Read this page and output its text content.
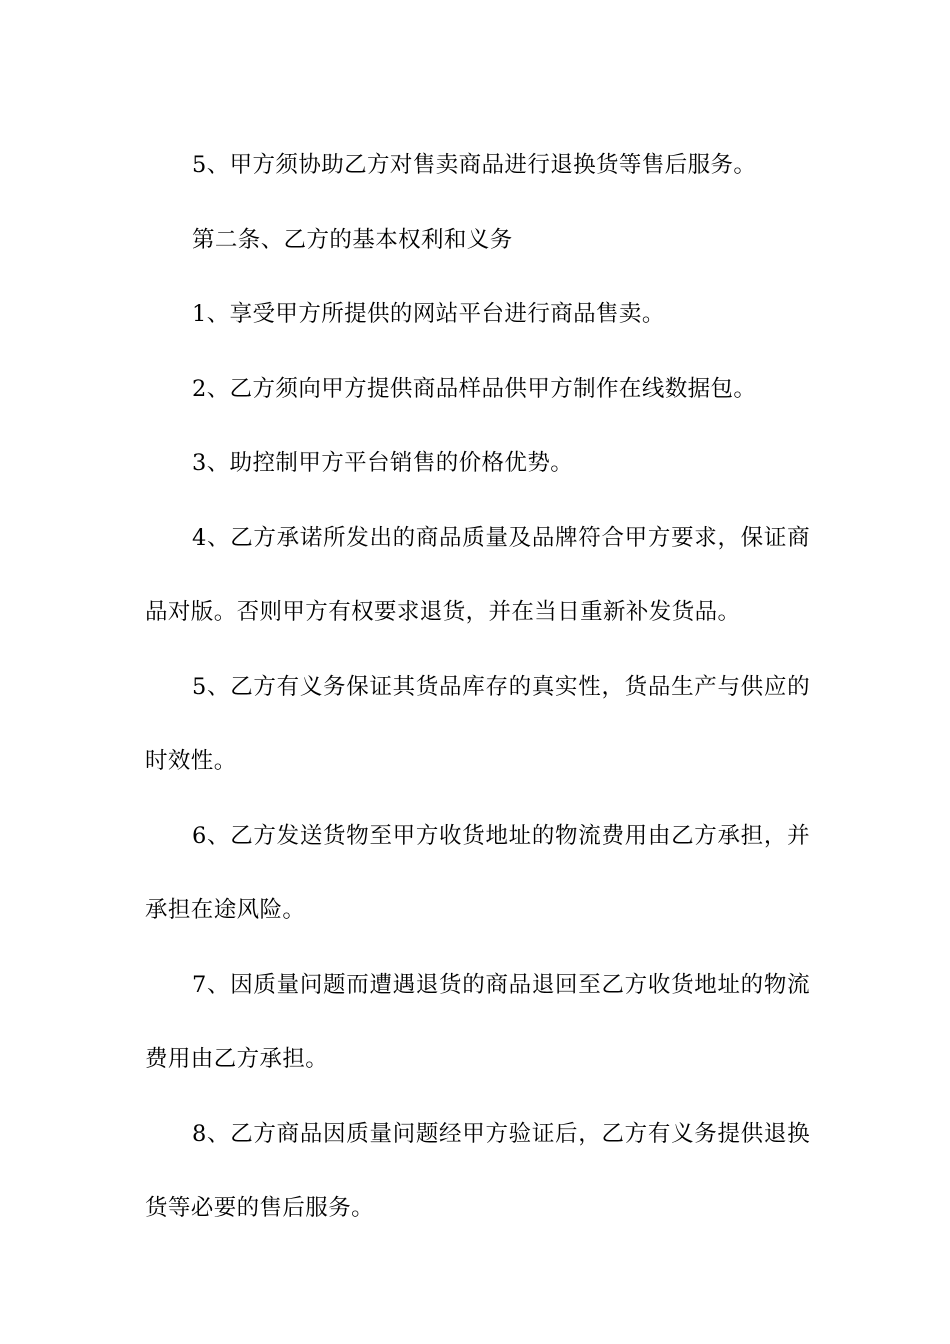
5、甲方须协助乙方对售卖商品进行退换货等售后服务。

第二条、乙方的基本权利和义务

1、享受甲方所提供的网站平台进行商品售卖。

2、乙方须向甲方提供商品样品供甲方制作在线数据包。

3、助控制甲方平台销售的价格优势。

4、乙方承诺所发出的商品质量及品牌符合甲方要求，保证商品对版。否则甲方有权要求退货，并在当日重新补发货品。

5、乙方有义务保证其货品库存的真实性，货品生产与供应的时效性。

6、乙方发送货物至甲方收货地址的物流费用由乙方承担，并承担在途风险。

7、因质量问题而遭遇退货的商品退回至乙方收货地址的物流费用由乙方承担。

8、乙方商品因质量问题经甲方验证后，乙方有义务提供退换货等必要的售后服务。
